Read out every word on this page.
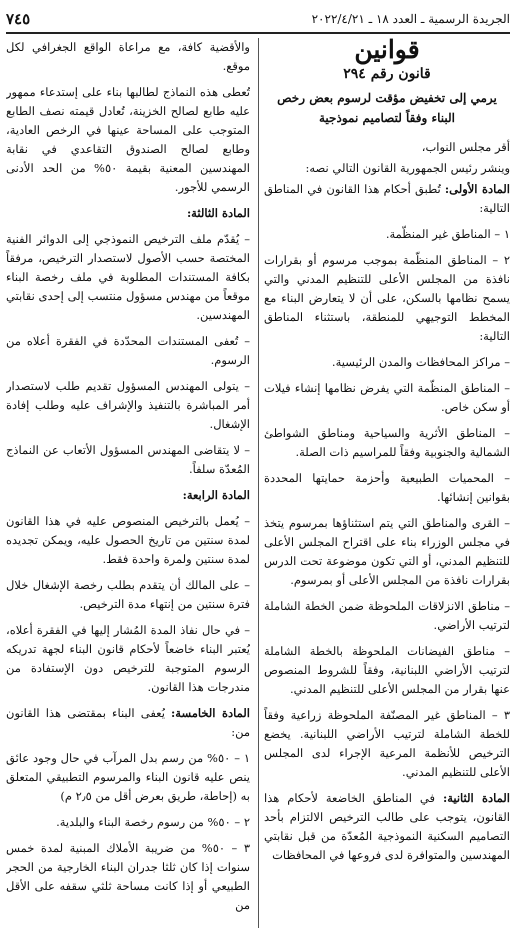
الجريدة الرسمية ـ العدد ١٨ ـ ٢٠٢٢/٤/٢١
٧٤٥
قوانين
قانون رقم ٢٩٤
يرمي إلى تخفيض مؤقت لرسوم بعض رخص البناء وفقاً لتصاميم نموذجية

أقر مجلس النواب،

وينشر رئيس الجمهورية القانون التالي نصه:

المادة الأولى: تُطبق أحكام هذا القانون في المناطق التالية:

١ – المناطق غير المنظّمة.

٢ – المناطق المنظّمة بموجب مرسوم أو بقرارات نافذة من المجلس الأعلى للتنظيم المدني والتي يسمح نظامها بالسكن، على أن لا يتعارض البناء مع المخطط التوجيهي للمنطقة، باستثناء المناطق التالية:

– مراكز المحافظات والمدن الرئيسية.

– المناطق المنظّمة التي يفرض نظامها إنشاء فيلات أو سكن خاص.

– المناطق الأثرية والسياحية ومناطق الشواطئ الشمالية والجنوبية وفقاً للمراسيم ذات الصلة.

– المحميات الطبيعية وأحزمة حمايتها المحددة بقوانين إنشائها.

– القرى والمناطق التي يتم استثناؤها بمرسوم يتخذ في مجلس الوزراء بناء على اقتراح المجلس الأعلى للتنظيم المدني، أو التي تكون موضوعة تحت الدرس بقرارات نافذة من المجلس الأعلى أو بمرسوم.

– مناطق الانزلاقات الملحوظة ضمن الخطة الشاملة لترتيب الأراضي.

– مناطق الفيضانات الملحوظة بالخطة الشاملة لترتيب الأراضي اللبنانية، وفقاً للشروط المنصوص عنها بقرار من المجلس الأعلى للتنظيم المدني.

٣ – المناطق غير المصنّفة الملحوظة زراعية وفقاً للخطة الشاملة لترتيب الأراضي اللبنانية. يخضع الترخيص للأنظمة المرعية الإجراء لدى المجلس الأعلى للتنظيم المدني.

المادة الثانية: في المناطق الخاضعة لأحكام هذا القانون، يتوجب على طالب الترخيص الالتزام بأحد التصاميم السكنية النموذجية المُعدّة من قبل نقابتي المهندسين والمتوافرة لدى فروعها في المحافظات

والأقضية كافة، مع مراعاة الواقع الجغرافي لكل موقع.

تُعطى هذه النماذج لطالبها بناء على إستدعاء ممهور عليه طابع لصالح الخزينة، تُعادل قيمته نصف الطابع المتوجب على المساحة عينها في الرخص العادية، وطابع لصالح الصندوق التقاعدي في نقابة المهندسين المعنية بقيمة ٥٠% من الحد الأدنى الرسمي للأجور.

المادة الثالثة:

– يُقدّم ملف الترخيص النموذجي إلى الدوائر الفنية المختصة حسب الأصول لاستصدار الترخيص، مرفقاً بكافة المستندات المطلوبة في ملف رخصة البناء موقعاً من مهندس مسؤول منتسب إلى إحدى نقابتي المهندسين.

– تُعفى المستندات المحدّدة في الفقرة أعلاه من الرسوم.

– يتولى المهندس المسؤول تقديم طلب لاستصدار أمر المباشرة بالتنفيذ والإشراف عليه وطلب إفادة الإشغال.

– لا يتقاضى المهندس المسؤول الأتعاب عن النماذج المُعدّة سلفاً.

المادة الرابعة:

– يُعمل بالترخيص المنصوص عليه في هذا القانون لمدة سنتين من تاريخ الحصول عليه، ويمكن تجديده لمدة سنتين ولمرة واحدة فقط.

– على المالك أن يتقدم بطلب رخصة الإشغال خلال فترة سنتين من إنتهاء مدة الترخيص.

– في حال نفاذ المدة المُشار إليها في الفقرة أعلاه، يُعتبر البناء خاضعاً لأحكام قانون البناء لجهة تدريكه الرسوم المتوجبة للترخيص دون الإستفادة من مندرجات هذا القانون.

المادة الخامسة: يُعفى البناء بمقتضى هذا القانون من:

١ – ٥٠% من رسم بدل المرآب في حال وجود عائق ينص عليه قانون البناء والمرسوم التطبيقي المتعلق به (إحاطة، طريق بعرض أقل من ٢٫٥ م)

٢ – ٥٠% من رسوم رخصة البناء والبلدية.

٣ – ٥٠% من ضريبة الأملاك المبنية لمدة خمس سنوات إذا كان ثلثا جدران البناء الخارجية من الحجر الطبيعي أو إذا كانت مساحة ثلثي سقفه على الأقل من
